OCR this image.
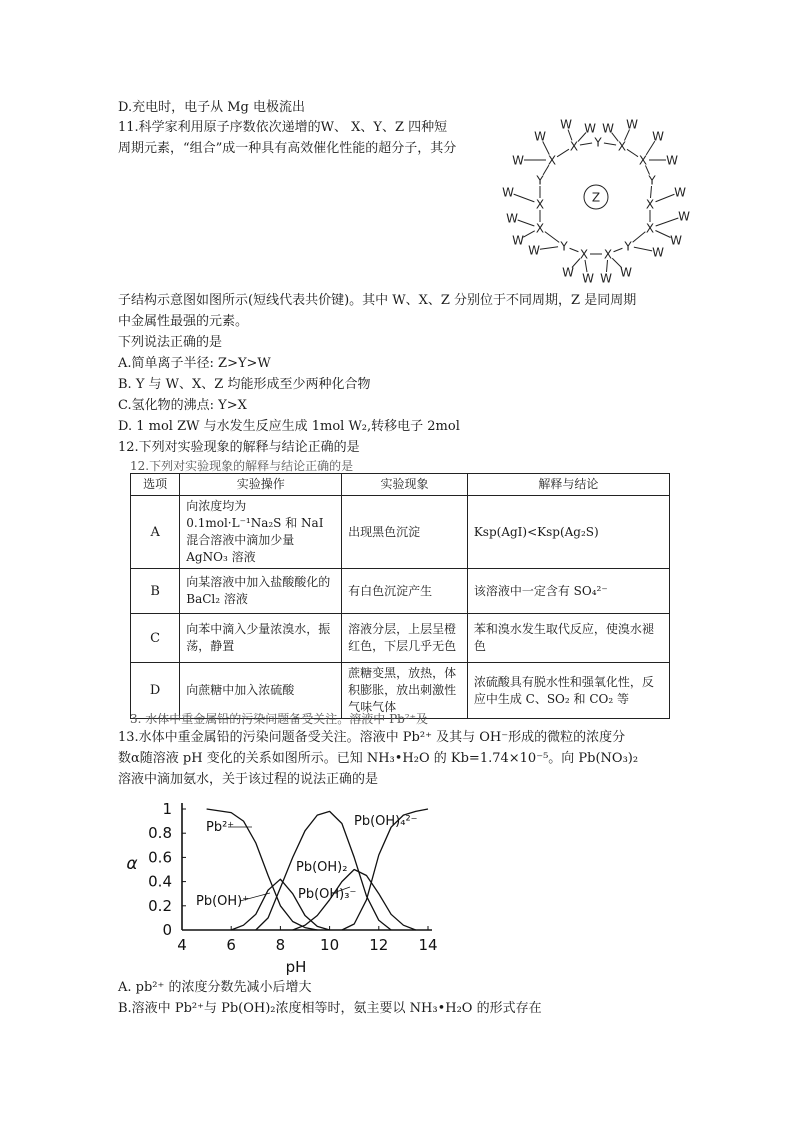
D.充电时，电子从 Mg 电极流出
11.科学家利用原子序数依次递增的W、 X、Y、Z 四种短
周期元素，“组合”成一种具有高效催化性能的超分子，其分
Z
X
X	X
X
X
X
X
X
X X
Y
Y	Y
Y	Y
W
W
W W W W
W
W
W
W
W
W
W
W
W	W
W W W W
子结构示意图如图所示(短线代表共价键)。其中 W、X、Z 分别位于不同周期，Z 是同周期
中金属性最强的元素。
下列说法正确的是
A.简单离子半径: Z>Y>W
B. Y 与 W、X、Z 均能形成至少两种化合物
C.氢化物的沸点: Y>X
D. 1 mol ZW 与水发生反应生成 1mol W₂,转移电子 2mol
12.下列对实验现象的解释与结论正确的是
12.下列对实验现象的解释与结论正确的是
选项	实验操作	实验现象	解释与结论
A	向浓度均为 0.1mol·L⁻¹Na₂S 和 NaI 混合溶液中滴加少量 AgNO₃ 溶液	出现黑色沉淀	Ksp(AgI)<Ksp(Ag₂S)
B	向某溶液中加入盐酸酸化的 BaCl₂ 溶液	有白色沉淀产生	该溶液中一定含有 SO₄²⁻
C	向苯中滴入少量浓溴水，振荡，静置	溶液分层，上层呈橙红色，下层几乎无色	苯和溴水发生取代反应，使溴水褪色
D	向蔗糖中加入浓硫酸	蔗糖变黑，放热，体积膨胀，放出刺激性气味气体	浓硫酸具有脱水性和强氧化性，反应中生成 C、SO₂ 和 CO₂ 等
3. 水体中重金属铅的污染问题备受关注。溶液中 Pb²⁺及
13.水体中重金属铅的污染问题备受关注。溶液中 Pb²⁺ 及其与 OH⁻形成的微粒的浓度分
数α随溶液 pH 变化的关系如图所示。已知 NH₃•H₂O 的 Kb=1.74×10⁻⁵。向 Pb(NO₃)₂
溶液中滴加氨水，关于该过程的说法正确的是
0
0.2
0.4
0.6
0.8
1
4	6	8 10 12 14
pH
α
Pb²⁺
Pb(OH)⁺
Pb(OH)₂
Pb(OH)₃⁻
Pb(OH)₄²⁻
A. pb²⁺ 的浓度分数先减小后增大
B.溶液中 Pb²⁺与 Pb(OH)₂浓度相等时，氨主要以 NH₃•H₂O 的形式存在
